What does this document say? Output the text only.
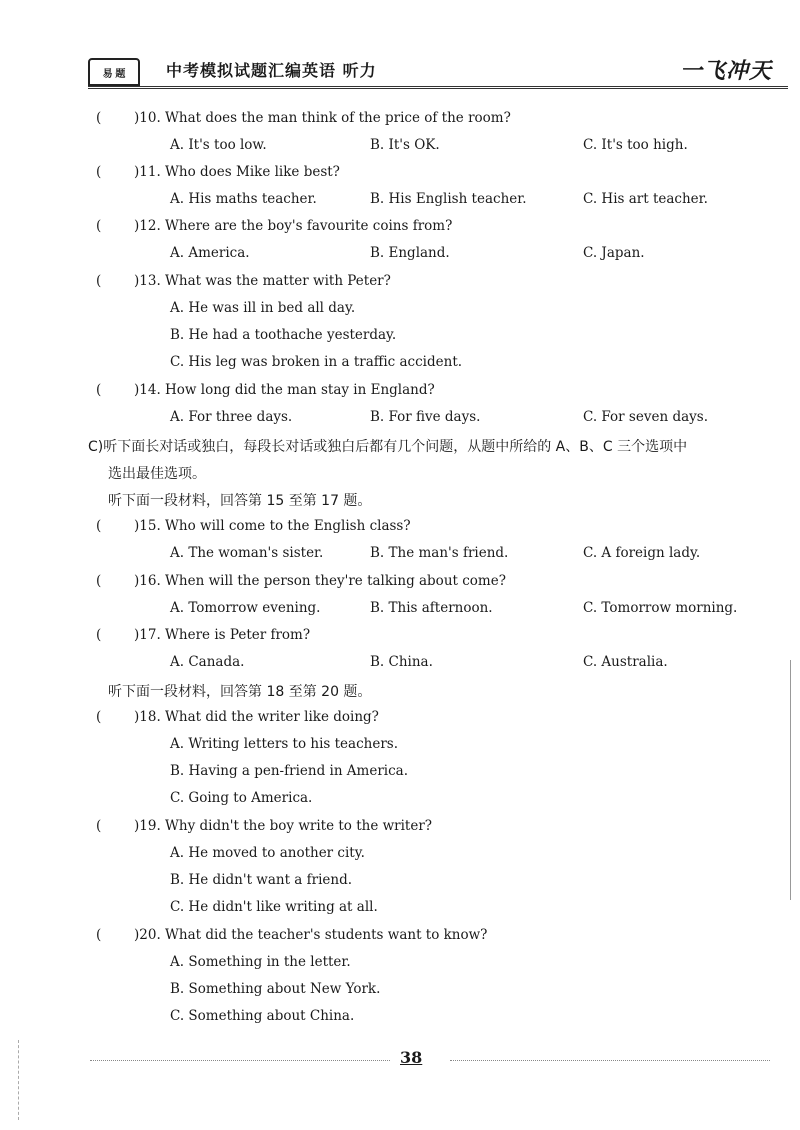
易 题	中考模拟试题汇编英语 听力	一飞冲天
( )10. What does the man think of the price of the room?
A. It's too low.	B. It's OK.	C. It's too high.
( )11. Who does Mike like best?
A. His maths teacher.	B. His English teacher.	C. His art teacher.
( )12. Where are the boy's favourite coins from?
A. America.	B. England.	C. Japan.
( )13. What was the matter with Peter?
A. He was ill in bed all day.
B. He had a toothache yesterday.
C. His leg was broken in a traffic accident.
( )14. How long did the man stay in England?
A. For three days.	B. For five days.	C. For seven days.
C)听下面长对话或独白，每段长对话或独白后都有几个问题，从题中所给的 A、B、C 三个选项中
选出最佳选项。
听下面一段材料，回答第 15 至第 17 题。
( )15. Who will come to the English class?
A. The woman's sister.	B. The man's friend.	C. A foreign lady.
( )16. When will the person they're talking about come?
A. Tomorrow evening.	B. This afternoon.	C. Tomorrow morning.
( )17. Where is Peter from?
A. Canada.	B. China.	C. Australia.
听下面一段材料，回答第 18 至第 20 题。
( )18. What did the writer like doing?
A. Writing letters to his teachers.
B. Having a pen-friend in America.
C. Going to America.
( )19. Why didn't the boy write to the writer?
A. He moved to another city.
B. He didn't want a friend.
C. He didn't like writing at all.
( )20. What did the teacher's students want to know?
A. Something in the letter.
B. Something about New York.
C. Something about China.
38
